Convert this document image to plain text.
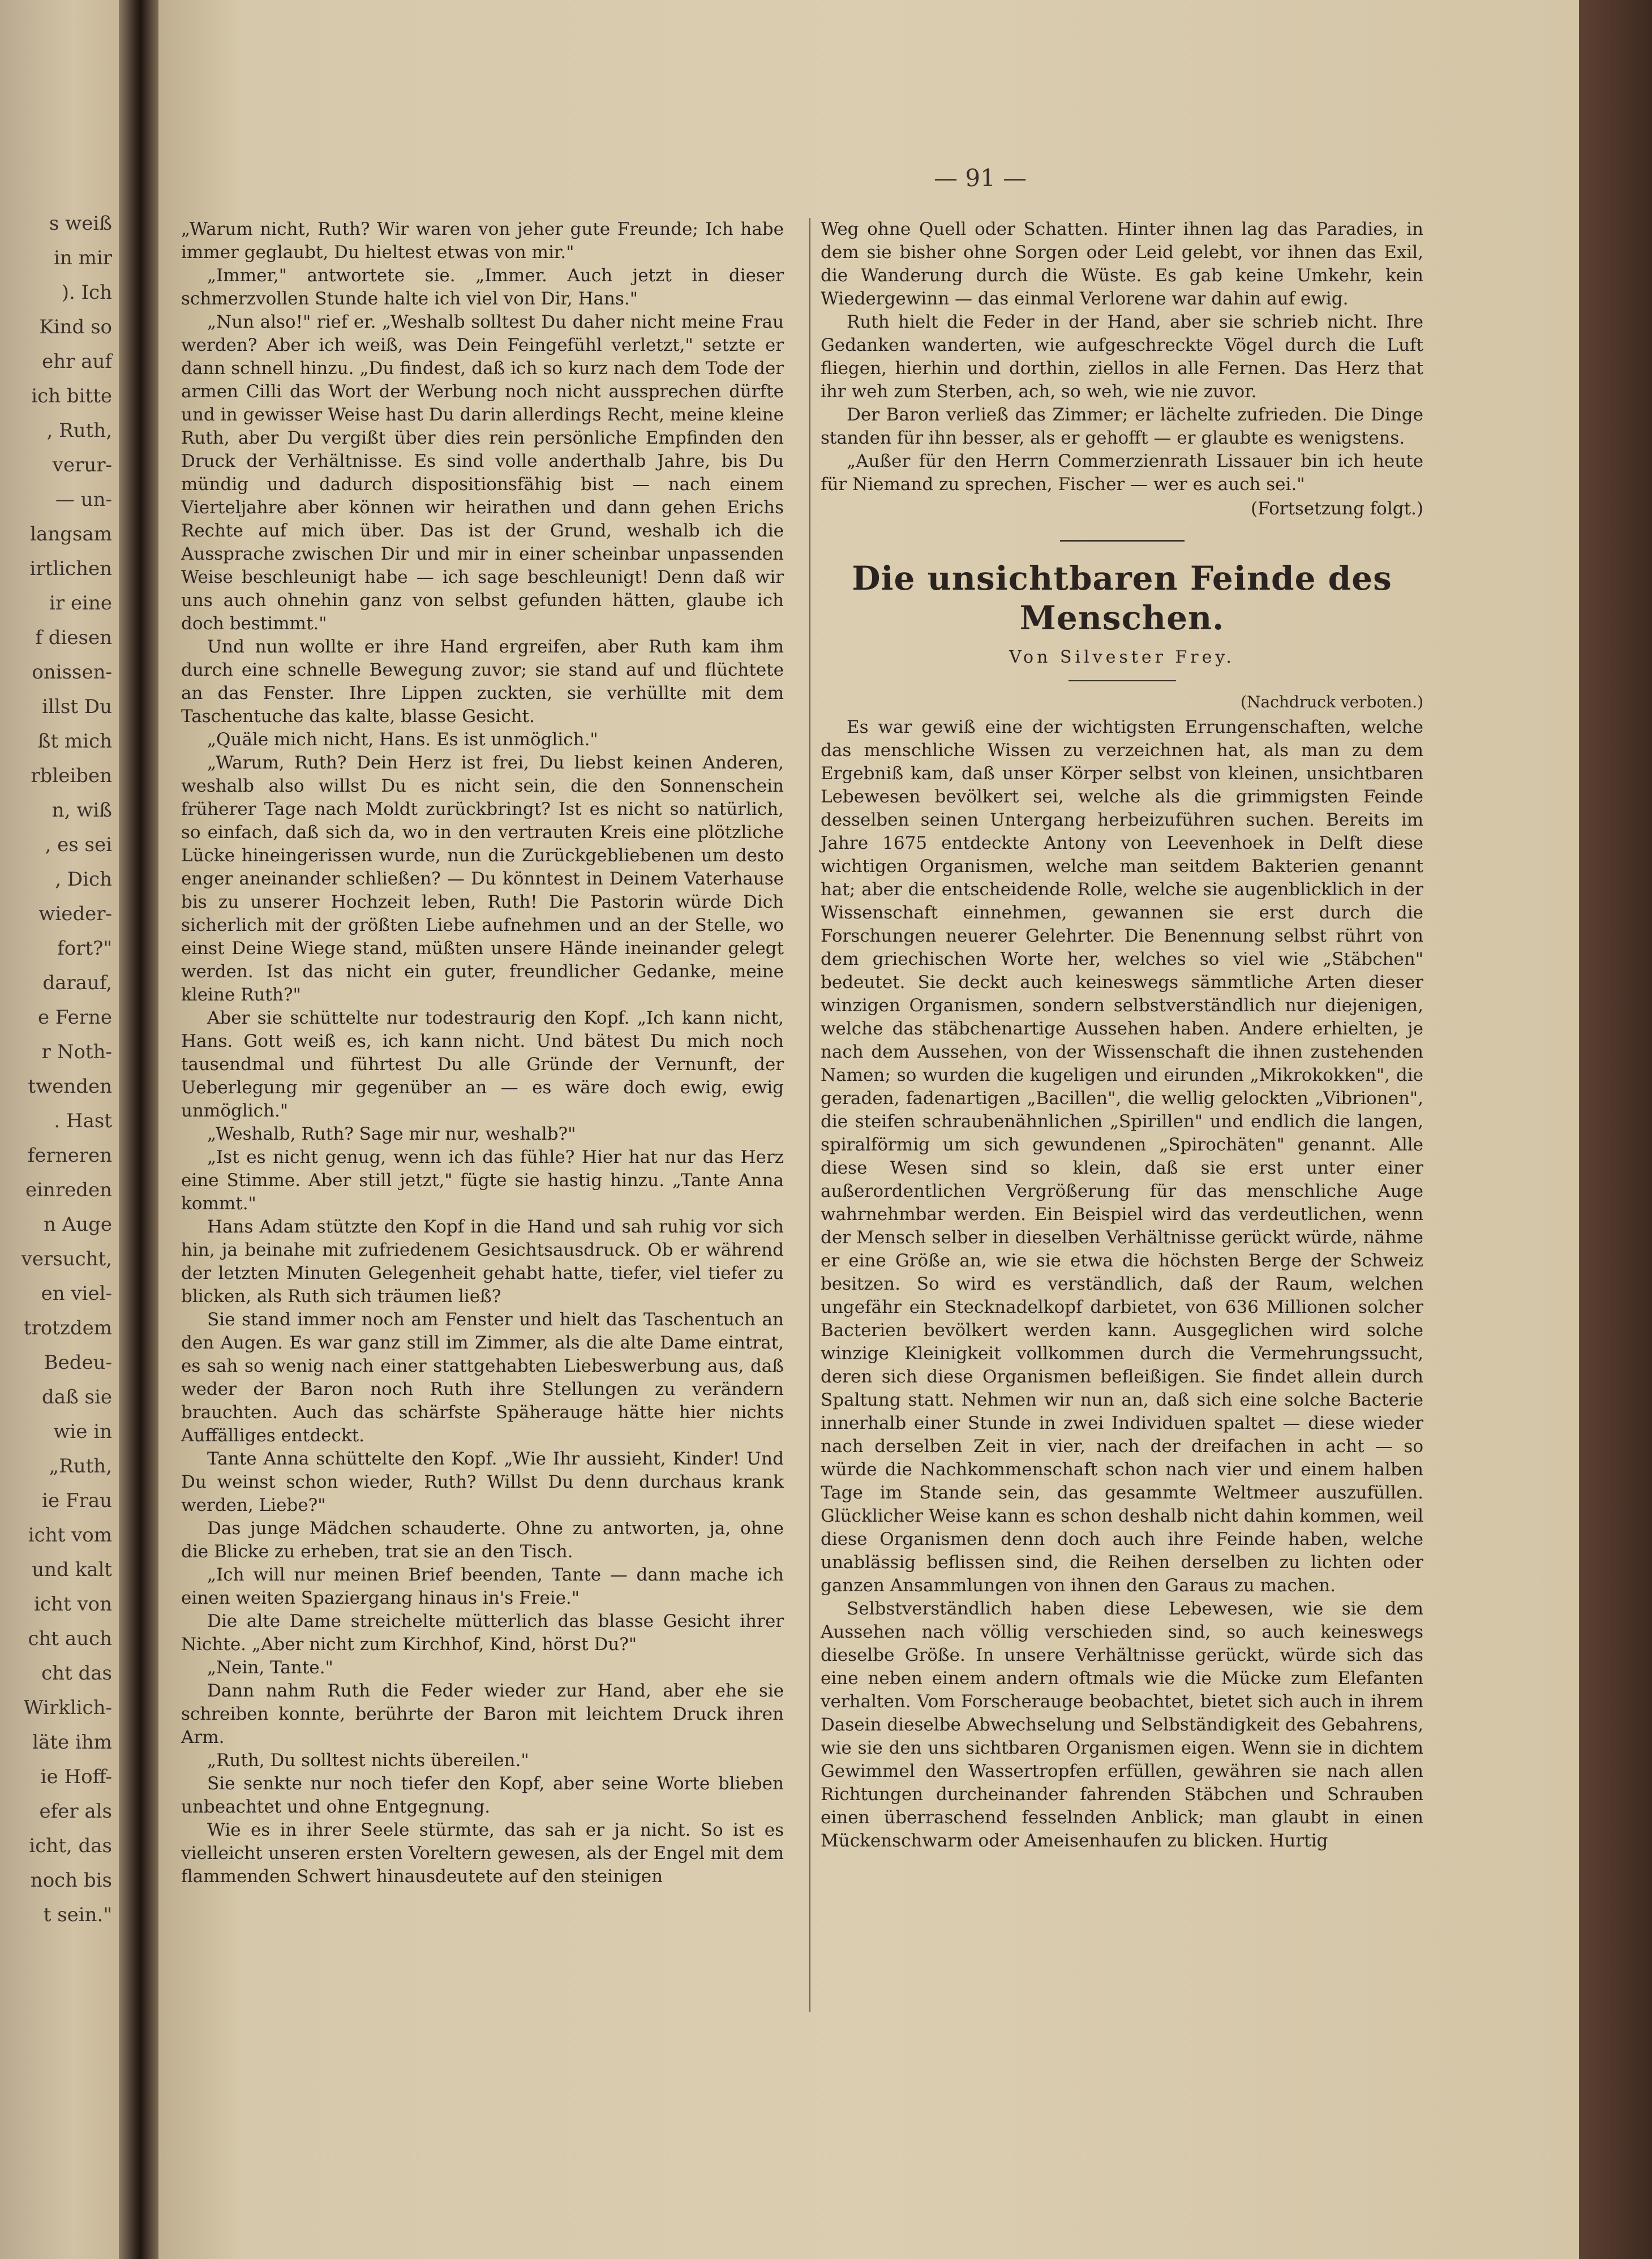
s weiß
in mir
). Ich
Kind so
ehr auf
ich bitte
, Ruth,
verur-
— un-
langsam
irtlichen
ir eine
f diesen
onissen-
illst Du
ßt mich
rbleiben
n, wiß
, es sei
, Dich
wieder-
fort?"
darauf,
e Ferne
r Noth-
twenden
. Hast
ferneren
einreden
n Auge
versucht,
en viel-
trotzdem
Bedeu-
daß sie
wie in
„Ruth,
ie Frau
icht vom
und kalt
icht von
cht auch
cht das
Wirklich-
läte ihm
ie Hoff-
efer als
icht, das
noch bis
t sein."
— 91 —

„Warum nicht, Ruth? Wir waren von jeher gute Freunde; Ich habe immer geglaubt, Du hieltest etwas von mir."

„Immer," antwortete sie. „Immer. Auch jetzt in dieser schmerzvollen Stunde halte ich viel von Dir, Hans."

„Nun also!" rief er. „Weshalb solltest Du daher nicht meine Frau werden? Aber ich weiß, was Dein Feingefühl verletzt," setzte er dann schnell hinzu. „Du findest, daß ich so kurz nach dem Tode der armen Cilli das Wort der Werbung noch nicht aussprechen dürfte und in gewisser Weise hast Du darin allerdings Recht, meine kleine Ruth, aber Du vergißt über dies rein persönliche Empfinden den Druck der Verhältnisse. Es sind volle anderthalb Jahre, bis Du mündig und dadurch dispositionsfähig bist — nach einem Vierteljahre aber können wir heirathen und dann gehen Erichs Rechte auf mich über. Das ist der Grund, weshalb ich die Aussprache zwischen Dir und mir in einer scheinbar unpassenden Weise beschleunigt habe — ich sage beschleunigt! Denn daß wir uns auch ohnehin ganz von selbst gefunden hätten, glaube ich doch bestimmt."

Und nun wollte er ihre Hand ergreifen, aber Ruth kam ihm durch eine schnelle Bewegung zuvor; sie stand auf und flüchtete an das Fenster. Ihre Lippen zuckten, sie verhüllte mit dem Taschentuche das kalte, blasse Gesicht.

„Quäle mich nicht, Hans. Es ist unmöglich."

„Warum, Ruth? Dein Herz ist frei, Du liebst keinen Anderen, weshalb also willst Du es nicht sein, die den Sonnenschein früherer Tage nach Moldt zurückbringt? Ist es nicht so natürlich, so einfach, daß sich da, wo in den vertrauten Kreis eine plötzliche Lücke hineingerissen wurde, nun die Zurückgebliebenen um desto enger aneinander schließen? — Du könntest in Deinem Vaterhause bis zu unserer Hochzeit leben, Ruth! Die Pastorin würde Dich sicherlich mit der größten Liebe aufnehmen und an der Stelle, wo einst Deine Wiege stand, müßten unsere Hände ineinander gelegt werden. Ist das nicht ein guter, freundlicher Gedanke, meine kleine Ruth?"

Aber sie schüttelte nur todestraurig den Kopf. „Ich kann nicht, Hans. Gott weiß es, ich kann nicht. Und bätest Du mich noch tausendmal und führtest Du alle Gründe der Vernunft, der Ueberlegung mir gegenüber an — es wäre doch ewig, ewig unmöglich."

„Weshalb, Ruth? Sage mir nur, weshalb?"

„Ist es nicht genug, wenn ich das fühle? Hier hat nur das Herz eine Stimme. Aber still jetzt," fügte sie hastig hinzu. „Tante Anna kommt."

Hans Adam stützte den Kopf in die Hand und sah ruhig vor sich hin, ja beinahe mit zufriedenem Gesichtsausdruck. Ob er während der letzten Minuten Gelegenheit gehabt hatte, tiefer, viel tiefer zu blicken, als Ruth sich träumen ließ?

Sie stand immer noch am Fenster und hielt das Taschentuch an den Augen. Es war ganz still im Zimmer, als die alte Dame eintrat, es sah so wenig nach einer stattgehabten Liebeswerbung aus, daß weder der Baron noch Ruth ihre Stellungen zu verändern brauchten. Auch das schärfste Späherauge hätte hier nichts Auffälliges entdeckt.

Tante Anna schüttelte den Kopf. „Wie Ihr aussieht, Kinder! Und Du weinst schon wieder, Ruth? Willst Du denn durchaus krank werden, Liebe?"

Das junge Mädchen schauderte. Ohne zu antworten, ja, ohne die Blicke zu erheben, trat sie an den Tisch.

„Ich will nur meinen Brief beenden, Tante — dann mache ich einen weiten Spaziergang hinaus in's Freie."

Die alte Dame streichelte mütterlich das blasse Gesicht ihrer Nichte. „Aber nicht zum Kirchhof, Kind, hörst Du?"

„Nein, Tante."

Dann nahm Ruth die Feder wieder zur Hand, aber ehe sie schreiben konnte, berührte der Baron mit leichtem Druck ihren Arm.

„Ruth, Du solltest nichts übereilen."

Sie senkte nur noch tiefer den Kopf, aber seine Worte blieben unbeachtet und ohne Entgegnung.

Wie es in ihrer Seele stürmte, das sah er ja nicht. So ist es vielleicht unseren ersten Voreltern gewesen, als der Engel mit dem flammenden Schwert hinausdeutete auf den steinigen

Weg ohne Quell oder Schatten. Hinter ihnen lag das Paradies, in dem sie bisher ohne Sorgen oder Leid gelebt, vor ihnen das Exil, die Wanderung durch die Wüste. Es gab keine Umkehr, kein Wiedergewinn — das einmal Verlorene war dahin auf ewig.

Ruth hielt die Feder in der Hand, aber sie schrieb nicht. Ihre Gedanken wanderten, wie aufgeschreckte Vögel durch die Luft fliegen, hierhin und dorthin, ziellos in alle Fernen. Das Herz that ihr weh zum Sterben, ach, so weh, wie nie zuvor.

Der Baron verließ das Zimmer; er lächelte zufrieden. Die Dinge standen für ihn besser, als er gehofft — er glaubte es wenigstens.

„Außer für den Herrn Commerzienrath Lissauer bin ich heute für Niemand zu sprechen, Fischer — wer es auch sei."

(Fortsetzung folgt.)
Die unsichtbaren Feinde des Menschen.
Von Silvester Frey.
(Nachdruck verboten.)

Es war gewiß eine der wichtigsten Errungenschaften, welche das menschliche Wissen zu verzeichnen hat, als man zu dem Ergebniß kam, daß unser Körper selbst von kleinen, unsichtbaren Lebewesen bevölkert sei, welche als die grimmigsten Feinde desselben seinen Untergang herbeizuführen suchen. Bereits im Jahre 1675 entdeckte Antony von Leevenhoek in Delft diese wichtigen Organismen, welche man seitdem Bakterien genannt hat; aber die entscheidende Rolle, welche sie augenblicklich in der Wissenschaft einnehmen, gewannen sie erst durch die Forschungen neuerer Gelehrter. Die Benennung selbst rührt von dem griechischen Worte her, welches so viel wie „Stäbchen" bedeutet. Sie deckt auch keineswegs sämmtliche Arten dieser winzigen Organismen, sondern selbstverständlich nur diejenigen, welche das stäbchenartige Aussehen haben. Andere erhielten, je nach dem Aussehen, von der Wissenschaft die ihnen zustehenden Namen; so wurden die kugeligen und eirunden „Mikrokokken", die geraden, fadenartigen „Bacillen", die wellig gelockten „Vibrionen", die steifen schraubenähnlichen „Spirillen" und endlich die langen, spiralförmig um sich gewundenen „Spirochäten" genannt. Alle diese Wesen sind so klein, daß sie erst unter einer außerordentlichen Vergrößerung für das menschliche Auge wahrnehmbar werden. Ein Beispiel wird das verdeutlichen, wenn der Mensch selber in dieselben Verhältnisse gerückt würde, nähme er eine Größe an, wie sie etwa die höchsten Berge der Schweiz besitzen. So wird es verständlich, daß der Raum, welchen ungefähr ein Stecknadelkopf darbietet, von 636 Millionen solcher Bacterien bevölkert werden kann. Ausgeglichen wird solche winzige Kleinigkeit vollkommen durch die Vermehrungssucht, deren sich diese Organismen befleißigen. Sie findet allein durch Spaltung statt. Nehmen wir nun an, daß sich eine solche Bacterie innerhalb einer Stunde in zwei Individuen spaltet — diese wieder nach derselben Zeit in vier, nach der dreifachen in acht — so würde die Nachkommenschaft schon nach vier und einem halben Tage im Stande sein, das gesammte Weltmeer auszufüllen. Glücklicher Weise kann es schon deshalb nicht dahin kommen, weil diese Organismen denn doch auch ihre Feinde haben, welche unablässig beflissen sind, die Reihen derselben zu lichten oder ganzen Ansammlungen von ihnen den Garaus zu machen.

Selbstverständlich haben diese Lebewesen, wie sie dem Aussehen nach völlig verschieden sind, so auch keineswegs dieselbe Größe. In unsere Verhältnisse gerückt, würde sich das eine neben einem andern oftmals wie die Mücke zum Elefanten verhalten. Vom Forscherauge beobachtet, bietet sich auch in ihrem Dasein dieselbe Abwechselung und Selbständigkeit des Gebahrens, wie sie den uns sichtbaren Organismen eigen. Wenn sie in dichtem Gewimmel den Wassertropfen erfüllen, gewähren sie nach allen Richtungen durcheinander fahrenden Stäbchen und Schrauben einen überraschend fesselnden Anblick; man glaubt in einen Mückenschwarm oder Ameisenhaufen zu blicken. Hurtig
